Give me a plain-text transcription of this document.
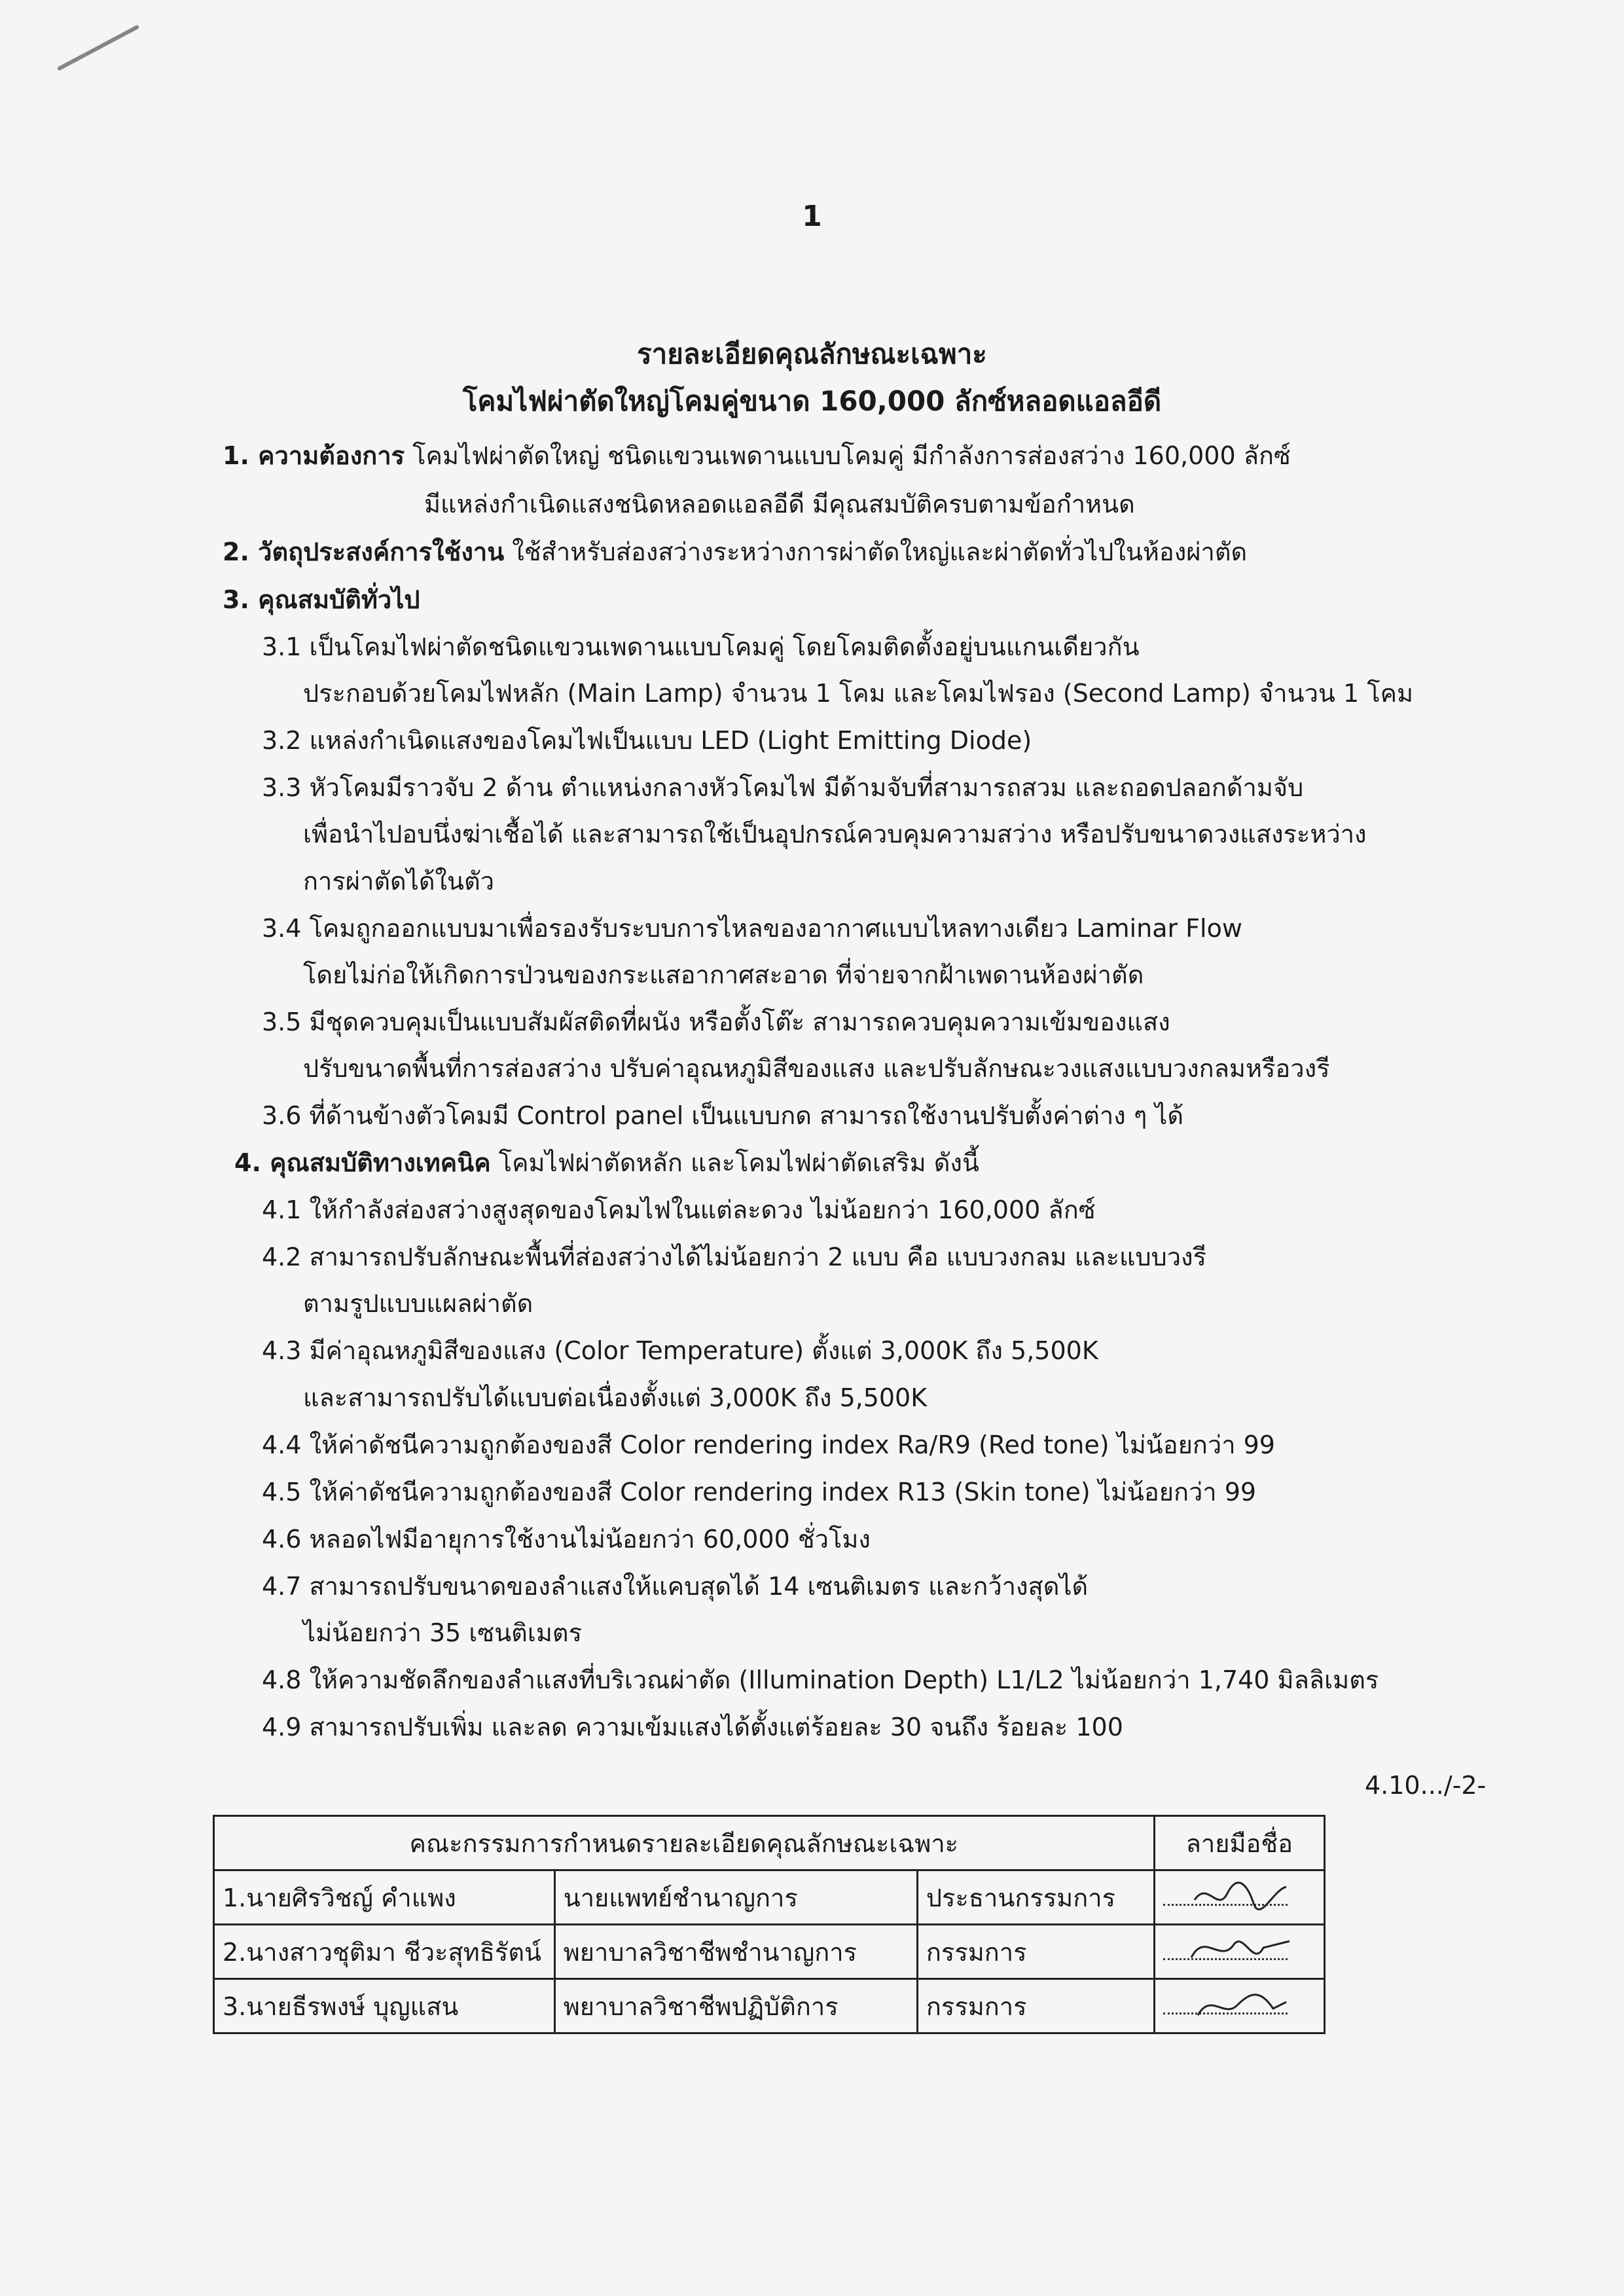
1
รายละเอียดคุณลักษณะเฉพาะ
โคมไฟผ่าตัดใหญ่โคมคู่ขนาด 160,000 ลักซ์หลอดแอลอีดี
1. ความต้องการ โคมไฟผ่าตัดใหญ่ ชนิดแขวนเพดานแบบโคมคู่ มีกำลังการส่องสว่าง 160,000 ลักซ์
มีแหล่งกำเนิดแสงชนิดหลอดแอลอีดี มีคุณสมบัติครบตามข้อกำหนด
2. วัตถุประสงค์การใช้งาน ใช้สำหรับส่องสว่างระหว่างการผ่าตัดใหญ่และผ่าตัดทั่วไปในห้องผ่าตัด
3. คุณสมบัติทั่วไป
3.1 เป็นโคมไฟผ่าตัดชนิดแขวนเพดานแบบโคมคู่ โดยโคมติดตั้งอยู่บนแกนเดียวกัน
ประกอบด้วยโคมไฟหลัก (Main Lamp) จำนวน 1 โคม และโคมไฟรอง (Second Lamp) จำนวน 1 โคม
3.2 แหล่งกำเนิดแสงของโคมไฟเป็นแบบ LED (Light Emitting Diode)
3.3 หัวโคมมีราวจับ 2 ด้าน ตำแหน่งกลางหัวโคมไฟ มีด้ามจับที่สามารถสวม และถอดปลอกด้ามจับ
เพื่อนำไปอบนึ่งฆ่าเชื้อได้ และสามารถใช้เป็นอุปกรณ์ควบคุมความสว่าง หรือปรับขนาดวงแสงระหว่าง
การผ่าตัดได้ในตัว
3.4 โคมถูกออกแบบมาเพื่อรองรับระบบการไหลของอากาศแบบไหลทางเดียว Laminar Flow
โดยไม่ก่อให้เกิดการป่วนของกระแสอากาศสะอาด ที่จ่ายจากฝ้าเพดานห้องผ่าตัด
3.5 มีชุดควบคุมเป็นแบบสัมผัสติดที่ผนัง หรือตั้งโต๊ะ สามารถควบคุมความเข้มของแสง
ปรับขนาดพื้นที่การส่องสว่าง ปรับค่าอุณหภูมิสีของแสง และปรับลักษณะวงแสงแบบวงกลมหรือวงรี
3.6 ที่ด้านข้างตัวโคมมี Control panel เป็นแบบกด สามารถใช้งานปรับตั้งค่าต่าง ๆ ได้
4. คุณสมบัติทางเทคนิค โคมไฟผ่าตัดหลัก และโคมไฟผ่าตัดเสริม ดังนี้
4.1 ให้กำลังส่องสว่างสูงสุดของโคมไฟในแต่ละดวง ไม่น้อยกว่า 160,000 ลักซ์
4.2 สามารถปรับลักษณะพื้นที่ส่องสว่างได้ไม่น้อยกว่า 2 แบบ คือ แบบวงกลม และแบบวงรี
ตามรูปแบบแผลผ่าตัด
4.3 มีค่าอุณหภูมิสีของแสง (Color Temperature) ตั้งแต่ 3,000K ถึง 5,500K
และสามารถปรับได้แบบต่อเนื่องตั้งแต่ 3,000K ถึง 5,500K
4.4 ให้ค่าดัชนีความถูกต้องของสี Color rendering index Ra/R9 (Red tone) ไม่น้อยกว่า 99
4.5 ให้ค่าดัชนีความถูกต้องของสี Color rendering index R13 (Skin tone) ไม่น้อยกว่า 99
4.6 หลอดไฟมีอายุการใช้งานไม่น้อยกว่า 60,000 ชั่วโมง
4.7 สามารถปรับขนาดของลำแสงให้แคบสุดได้ 14 เซนติเมตร และกว้างสุดได้
ไม่น้อยกว่า 35 เซนติเมตร
4.8 ให้ความชัดลึกของลำแสงที่บริเวณผ่าตัด (Illumination Depth) L1/L2 ไม่น้อยกว่า 1,740 มิลลิเมตร
4.9 สามารถปรับเพิ่ม และลด ความเข้มแสงได้ตั้งแต่ร้อยละ 30 จนถึง ร้อยละ 100
4.10.../-2-
คณะกรรมการกำหนดรายละเอียดคุณลักษณะเฉพาะ			ลายมือชื่อ
1.นายศิรวิชญ์ คำแพง	นายแพทย์ชำนาญการ	ประธานกรรมการ	

2.นางสาวชุติมา ชีวะสุทธิรัตน์	พยาบาลวิชาชีพชำนาญการ	กรรมการ	

3.นายธีรพงษ์ บุญแสน	พยาบาลวิชาชีพปฏิบัติการ	กรรมการ	
